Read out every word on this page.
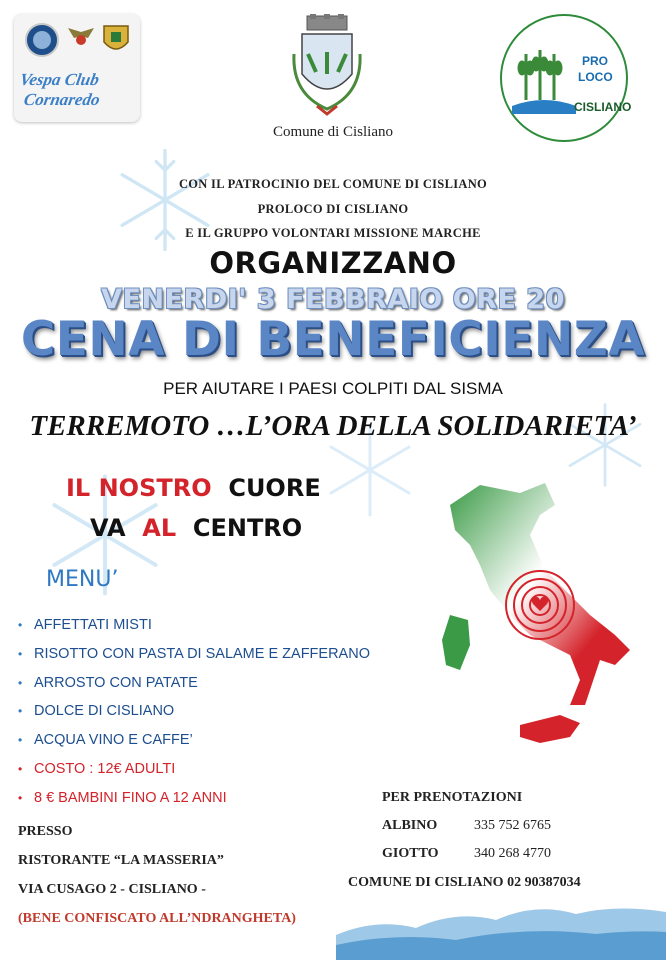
Vespa Club
Cornaredo
Comune di Cisliano
PRO
LOCO
CISLIANO
CON IL PATROCINIO DEL COMUNE DI CISLIANO
PROLOCO DI CISLIANO
E IL GRUPPO VOLONTARI MISSIONE MARCHE
ORGANIZZANO
VENERDI' 3 FEBBRAIO ORE 20
CENA DI BENEFICIENZA
PER AIUTARE I PAESI COLPITI DAL SISMA
TERREMOTO …L’ORA DELLA SOLIDARIETA’
IL NOSTRO CUORE
VA AL CENTRO
MENU’
• AFFETTATI MISTI
• RISOTTO CON PASTA DI SALAME E ZAFFERANO
• ARROSTO CON PATATE
• DOLCE DI CISLIANO
• ACQUA VINO E CAFFE’
• COSTO : 12€ ADULTI
• 8 € BAMBINI FINO A 12 ANNI
PRESSO
RISTORANTE “LA MASSERIA”
VIA CUSAGO 2 - CISLIANO -
(BENE CONFISCATO ALL’NDRANGHETA)
PER PRENOTAZIONI
ALBINO	335 752 6765
GIOTTO	340 268 4770
COMUNE DI CISLIANO 02 90387034
